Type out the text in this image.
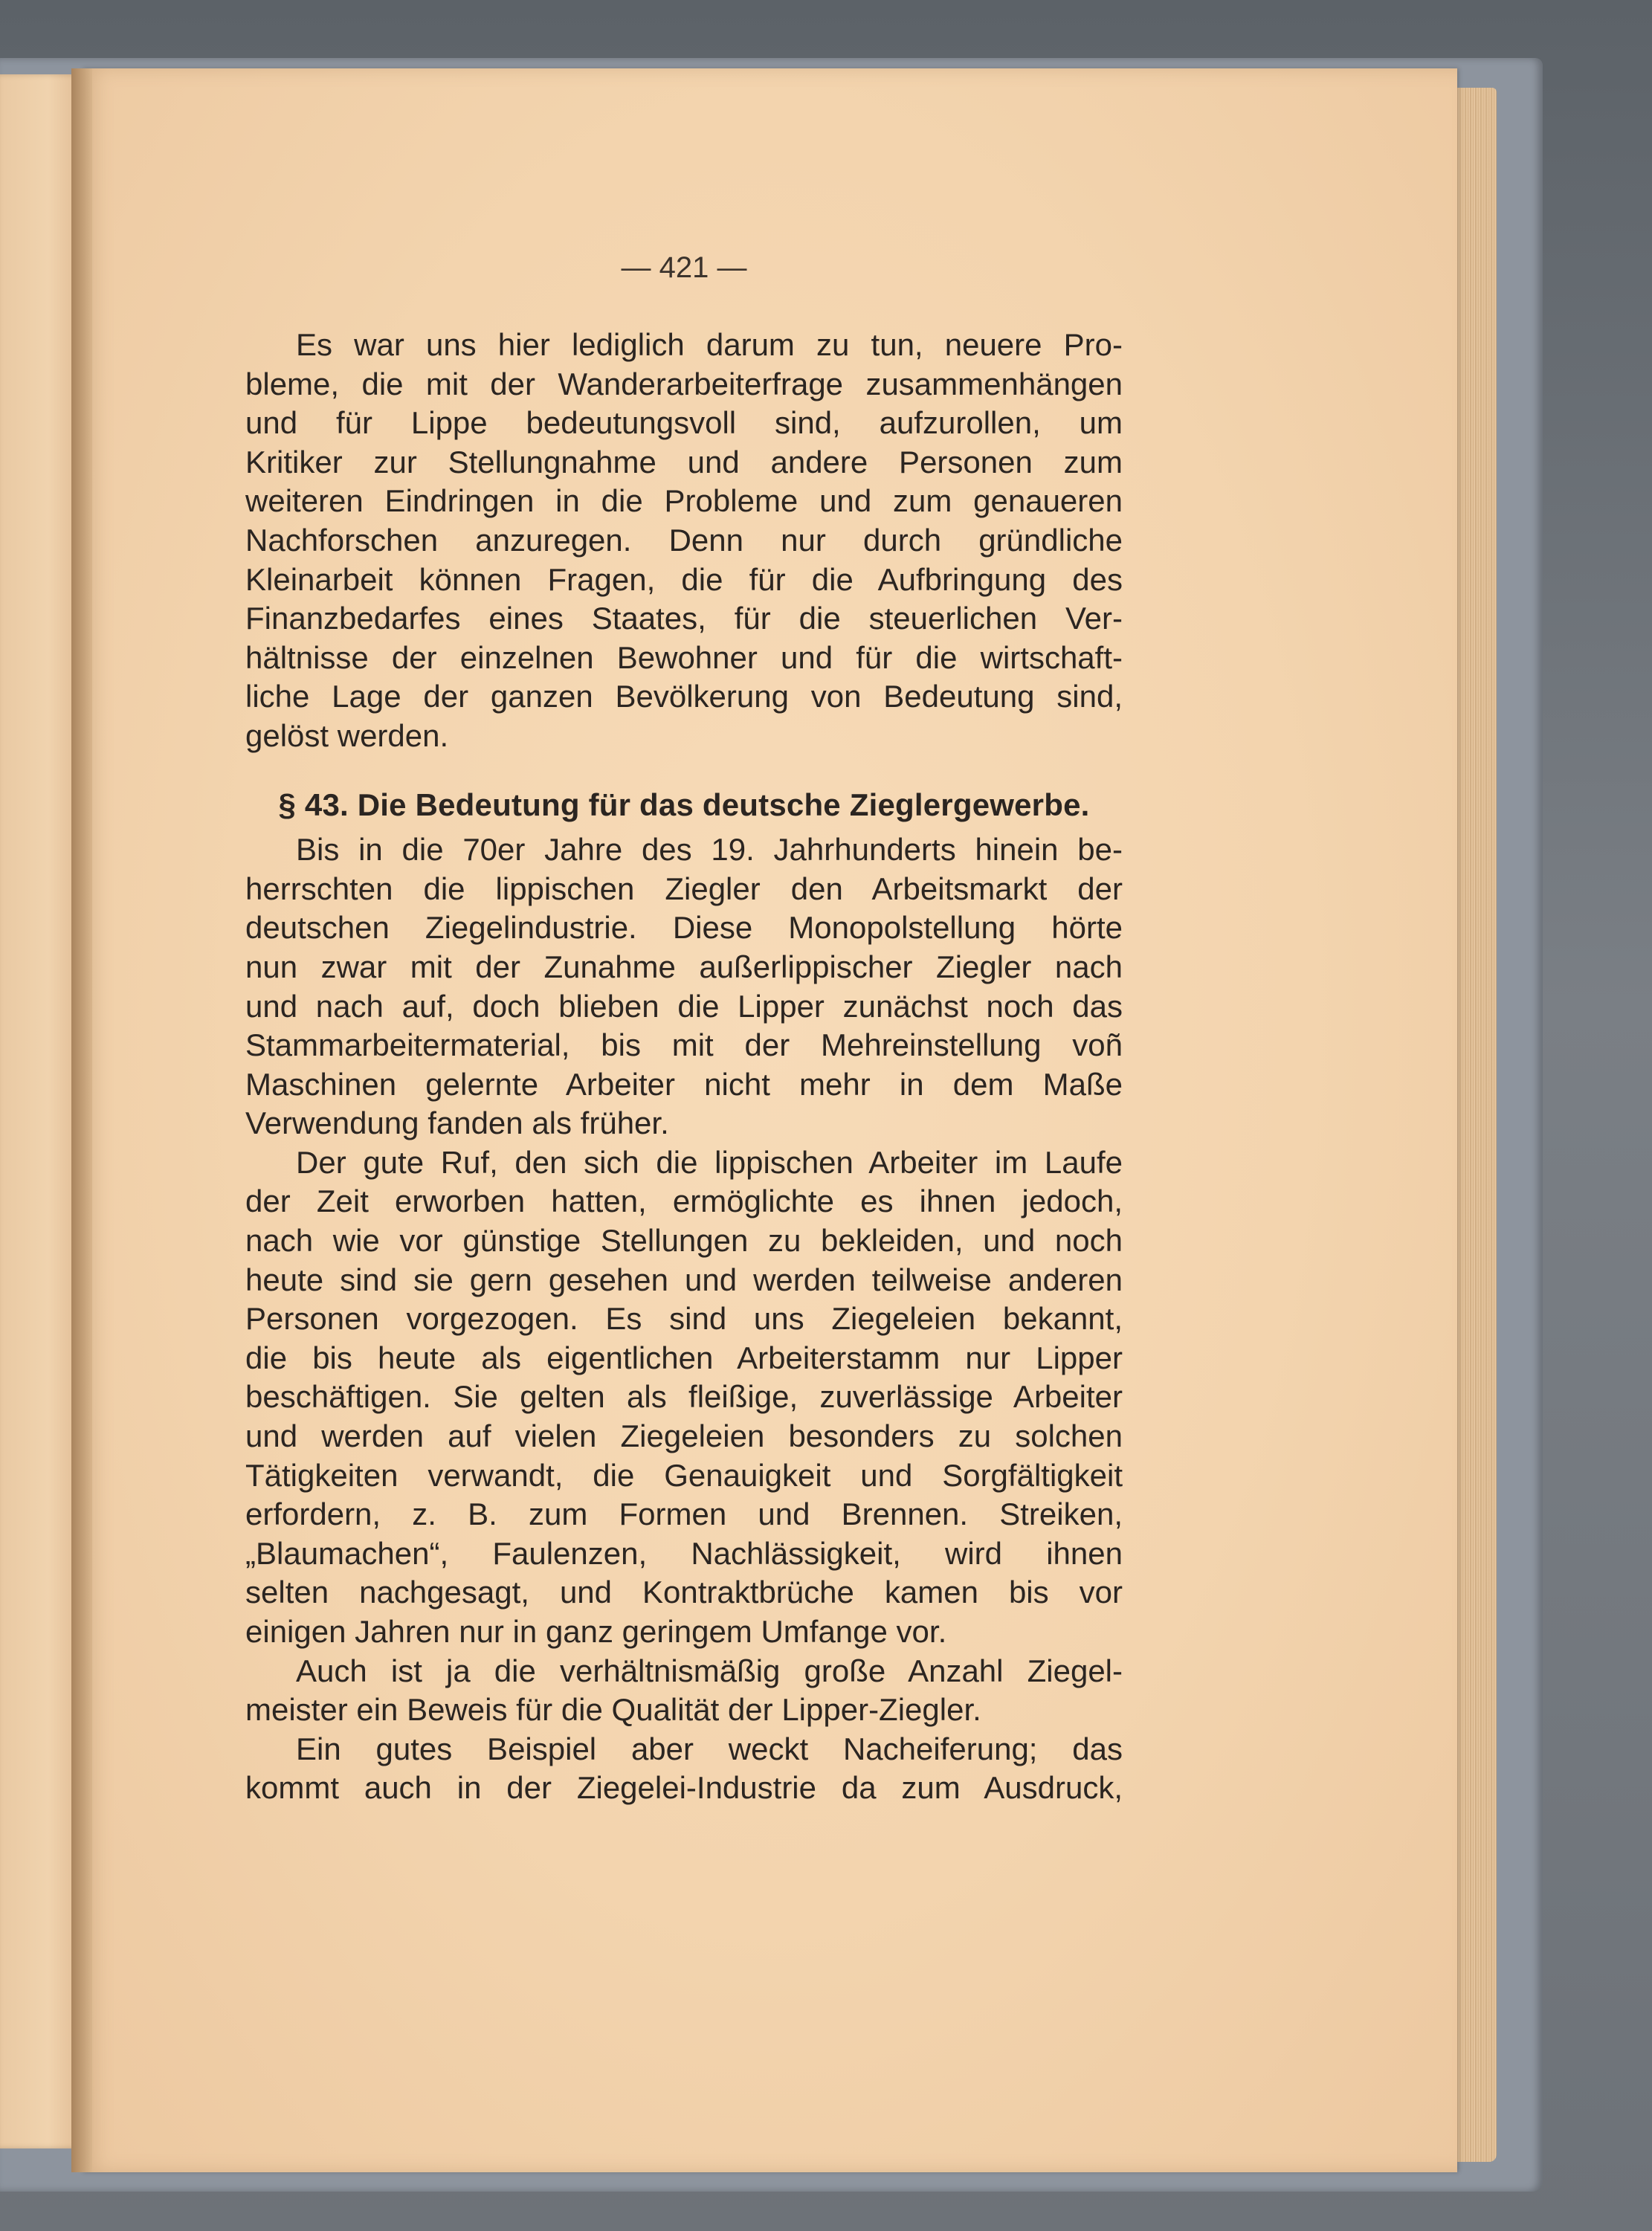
— 421 —
Es war uns hier lediglich darum zu tun, neuere Pro-
bleme, die mit der Wanderarbeiterfrage zusammenhängen
und für Lippe bedeutungsvoll sind, aufzurollen, um
Kritiker zur Stellungnahme und andere Personen zum
weiteren Eindringen in die Probleme und zum genaueren
Nachforschen anzuregen. Denn nur durch gründliche
Kleinarbeit können Fragen, die für die Aufbringung des
Finanzbedarfes eines Staates, für die steuerlichen Ver-
hältnisse der einzelnen Bewohner und für die wirtschaft-
liche Lage der ganzen Bevölkerung von Bedeutung sind,
gelöst werden.
§ 43. Die Bedeutung für das deutsche Zieglergewerbe.
Bis in die 70er Jahre des 19. Jahrhunderts hinein be-
herrschten die lippischen Ziegler den Arbeitsmarkt der
deutschen Ziegelindustrie. Diese Monopolstellung hörte
nun zwar mit der Zunahme außerlippischer Ziegler nach
und nach auf, doch blieben die Lipper zunächst noch das
Stammarbeitermaterial, bis mit der Mehreinstellung voñ
Maschinen gelernte Arbeiter nicht mehr in dem Maße
Verwendung fanden als früher.
Der gute Ruf, den sich die lippischen Arbeiter im Laufe
der Zeit erworben hatten, ermöglichte es ihnen jedoch,
nach wie vor günstige Stellungen zu bekleiden, und noch
heute sind sie gern gesehen und werden teilweise anderen
Personen vorgezogen. Es sind uns Ziegeleien bekannt,
die bis heute als eigentlichen Arbeiterstamm nur Lipper
beschäftigen. Sie gelten als fleißige, zuverlässige Arbeiter
und werden auf vielen Ziegeleien besonders zu solchen
Tätigkeiten verwandt, die Genauigkeit und Sorgfältigkeit
erfordern, z. B. zum Formen und Brennen. Streiken,
„Blaumachen“, Faulenzen, Nachlässigkeit, wird ihnen
selten nachgesagt, und Kontraktbrüche kamen bis vor
einigen Jahren nur in ganz geringem Umfange vor.
Auch ist ja die verhältnismäßig große Anzahl Ziegel-
meister ein Beweis für die Qualität der Lipper-Ziegler.
Ein gutes Beispiel aber weckt Nacheiferung; das
kommt auch in der Ziegelei-Industrie da zum Ausdruck,
